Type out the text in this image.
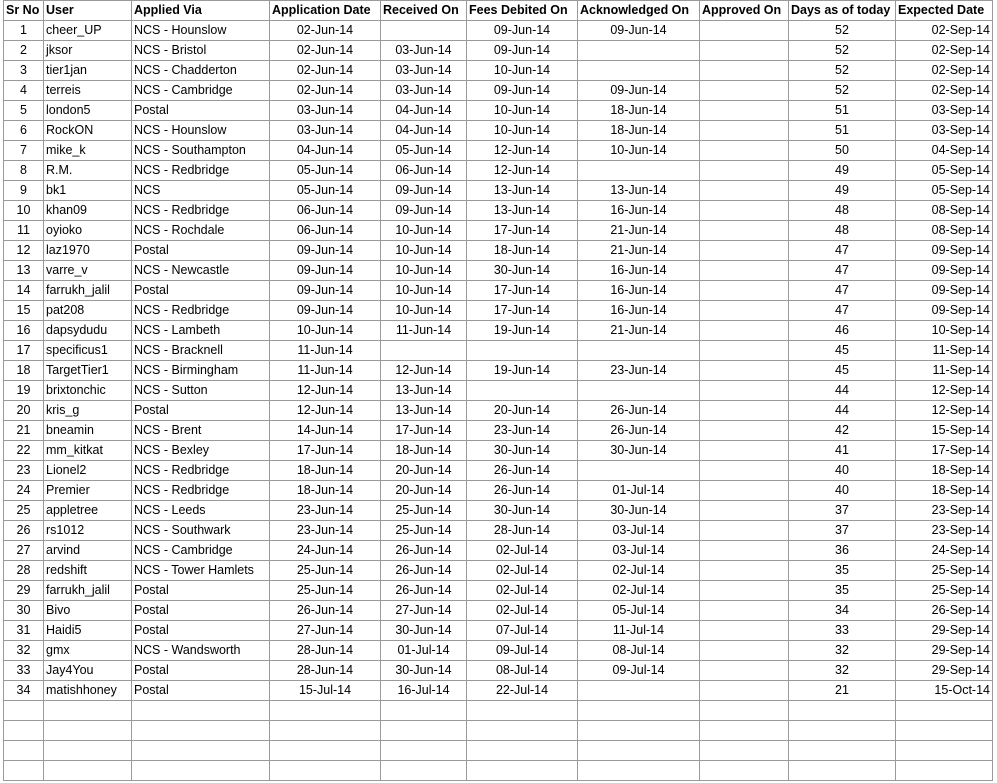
Sr No	User	Applied Via	Application Date	Received On	Fees Debited On	Acknowledged On	Approved On	Days as of today	Expected Date
1	cheer_UP	NCS - Hounslow	02-Jun-14		09-Jun-14	09-Jun-14		52	02-Sep-14
2	jksor	NCS - Bristol	02-Jun-14	03-Jun-14	09-Jun-14			52	02-Sep-14
3	tier1jan	NCS - Chadderton	02-Jun-14	03-Jun-14	10-Jun-14			52	02-Sep-14
4	terreis	NCS - Cambridge	02-Jun-14	03-Jun-14	09-Jun-14	09-Jun-14		52	02-Sep-14
5	london5	Postal	03-Jun-14	04-Jun-14	10-Jun-14	18-Jun-14		51	03-Sep-14
6	RockON	NCS - Hounslow	03-Jun-14	04-Jun-14	10-Jun-14	18-Jun-14		51	03-Sep-14
7	mike_k	NCS - Southampton	04-Jun-14	05-Jun-14	12-Jun-14	10-Jun-14		50	04-Sep-14
8	R.M.	NCS - Redbridge	05-Jun-14	06-Jun-14	12-Jun-14			49	05-Sep-14
9	bk1	NCS	05-Jun-14	09-Jun-14	13-Jun-14	13-Jun-14		49	05-Sep-14
10	khan09	NCS - Redbridge	06-Jun-14	09-Jun-14	13-Jun-14	16-Jun-14		48	08-Sep-14
11	oyioko	NCS - Rochdale	06-Jun-14	10-Jun-14	17-Jun-14	21-Jun-14		48	08-Sep-14
12	laz1970	Postal	09-Jun-14	10-Jun-14	18-Jun-14	21-Jun-14		47	09-Sep-14
13	varre_v	NCS - Newcastle	09-Jun-14	10-Jun-14	30-Jun-14	16-Jun-14		47	09-Sep-14
14	farrukh_jalil	Postal	09-Jun-14	10-Jun-14	17-Jun-14	16-Jun-14		47	09-Sep-14
15	pat208	NCS - Redbridge	09-Jun-14	10-Jun-14	17-Jun-14	16-Jun-14		47	09-Sep-14
16	dapsydudu	NCS - Lambeth	10-Jun-14	11-Jun-14	19-Jun-14	21-Jun-14		46	10-Sep-14
17	specificus1	NCS - Bracknell	11-Jun-14					45	11-Sep-14
18	TargetTier1	NCS - Birmingham	11-Jun-14	12-Jun-14	19-Jun-14	23-Jun-14		45	11-Sep-14
19	brixtonchic	NCS - Sutton	12-Jun-14	13-Jun-14				44	12-Sep-14
20	kris_g	Postal	12-Jun-14	13-Jun-14	20-Jun-14	26-Jun-14		44	12-Sep-14
21	bneamin	NCS - Brent	14-Jun-14	17-Jun-14	23-Jun-14	26-Jun-14		42	15-Sep-14
22	mm_kitkat	NCS - Bexley	17-Jun-14	18-Jun-14	30-Jun-14	30-Jun-14		41	17-Sep-14
23	Lionel2	NCS - Redbridge	18-Jun-14	20-Jun-14	26-Jun-14			40	18-Sep-14
24	Premier	NCS - Redbridge	18-Jun-14	20-Jun-14	26-Jun-14	01-Jul-14		40	18-Sep-14
25	appletree	NCS - Leeds	23-Jun-14	25-Jun-14	30-Jun-14	30-Jun-14		37	23-Sep-14
26	rs1012	NCS - Southwark	23-Jun-14	25-Jun-14	28-Jun-14	03-Jul-14		37	23-Sep-14
27	arvind	NCS - Cambridge	24-Jun-14	26-Jun-14	02-Jul-14	03-Jul-14		36	24-Sep-14
28	redshift	NCS - Tower Hamlets	25-Jun-14	26-Jun-14	02-Jul-14	02-Jul-14		35	25-Sep-14
29	farrukh_jalil	Postal	25-Jun-14	26-Jun-14	02-Jul-14	02-Jul-14		35	25-Sep-14
30	Bivo	Postal	26-Jun-14	27-Jun-14	02-Jul-14	05-Jul-14		34	26-Sep-14
31	Haidi5	Postal	27-Jun-14	30-Jun-14	07-Jul-14	11-Jul-14		33	29-Sep-14
32	gmx	NCS - Wandsworth	28-Jun-14	01-Jul-14	09-Jul-14	08-Jul-14		32	29-Sep-14
33	Jay4You	Postal	28-Jun-14	30-Jun-14	08-Jul-14	09-Jul-14		32	29-Sep-14
34	matishhoney	Postal	15-Jul-14	16-Jul-14	22-Jul-14			21	15-Oct-14
